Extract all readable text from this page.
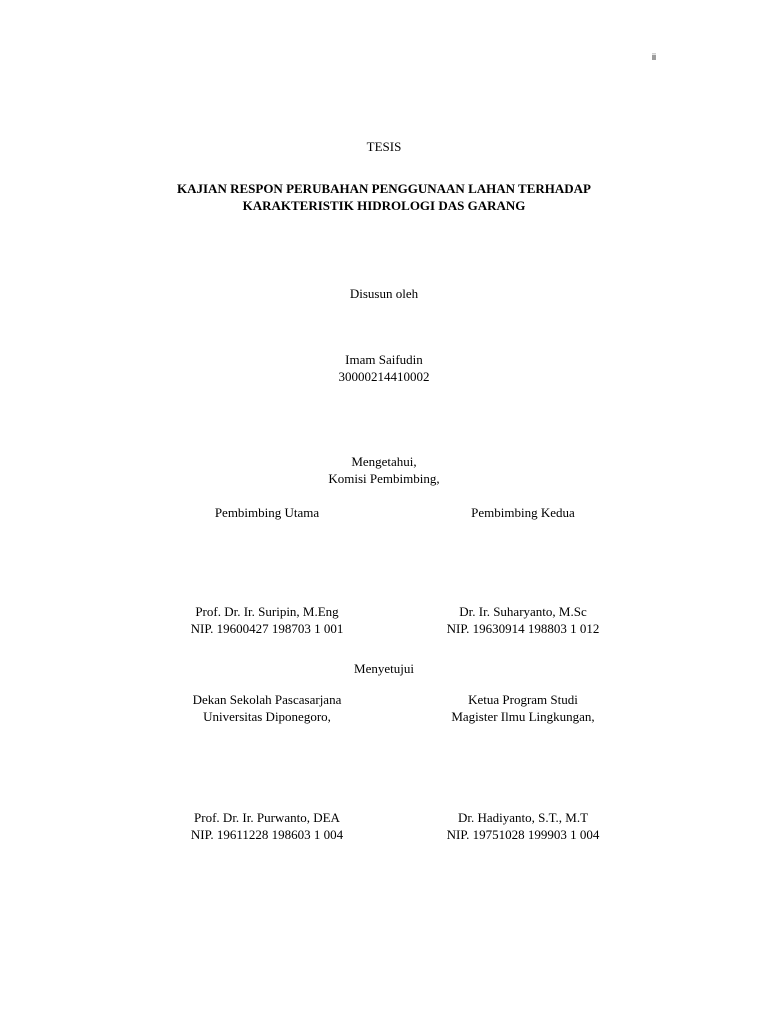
ii
TESIS
KAJIAN RESPON PERUBAHAN PENGGUNAAN LAHAN TERHADAP
KARAKTERISTIK HIDROLOGI DAS GARANG
Disusun oleh
Imam Saifudin
30000214410002
Mengetahui,
Komisi Pembimbing,
Pembimbing Utama	Pembimbing Kedua
Prof. Dr. Ir. Suripin, M.Eng
NIP. 19600427 198703 1 001
Dr. Ir. Suharyanto, M.Sc
NIP. 19630914 198803 1 012
Menyetujui
Dekan Sekolah Pascasarjana
Universitas Diponegoro,
Ketua Program Studi
Magister Ilmu Lingkungan,
Prof. Dr. Ir. Purwanto, DEA
NIP. 19611228 198603 1 004
Dr. Hadiyanto, S.T., M.T
NIP. 19751028 199903 1 004
